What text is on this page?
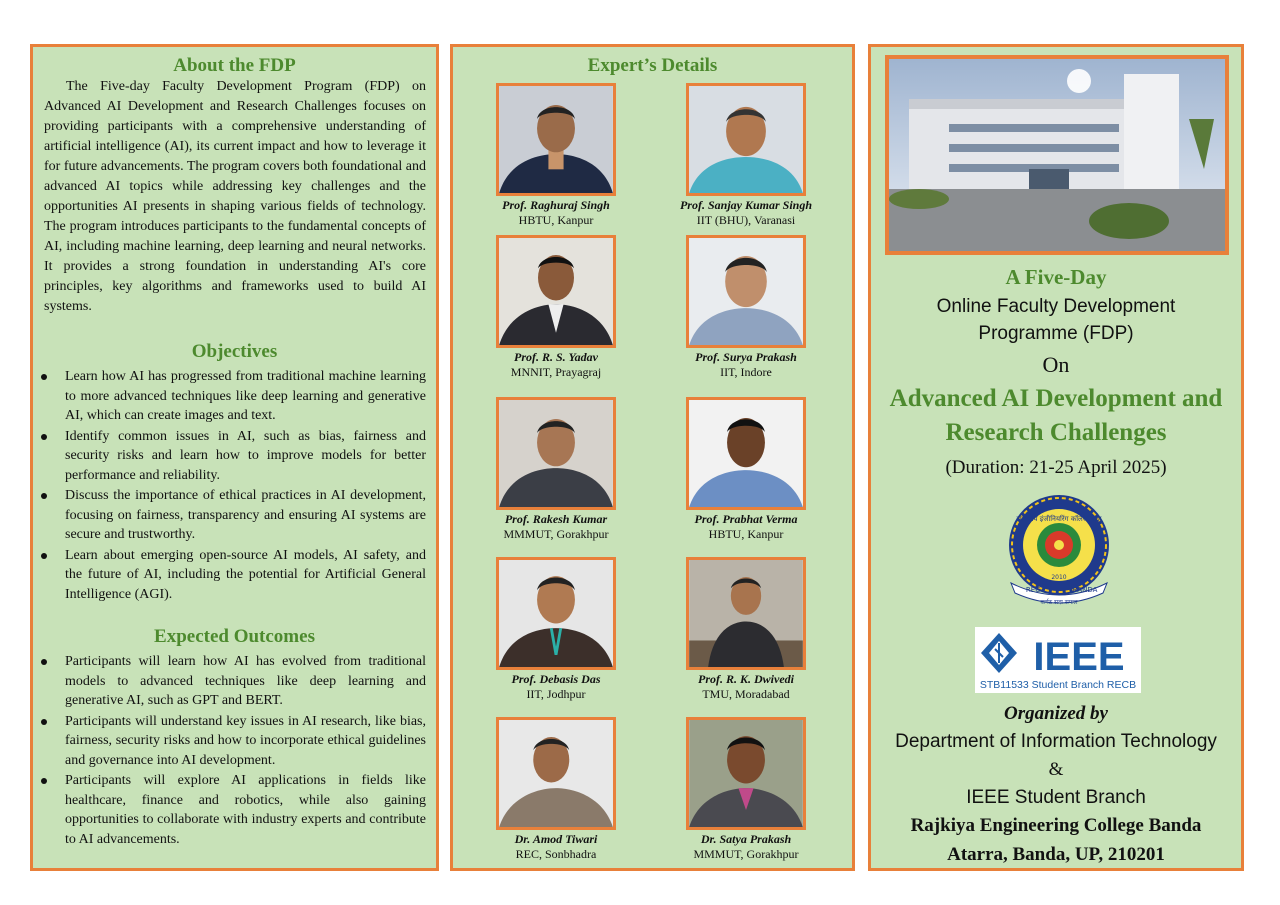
About the FDP
The Five-day Faculty Development Program (FDP) on Advanced AI Development and Research Challenges focuses on providing participants with a comprehensive understanding of artificial intelligence (AI), its current impact and how to leverage it for future advancements. The program covers both foundational and advanced AI topics while addressing key challenges and the opportunities AI presents in shaping various fields of technology. The program introduces participants to the fundamental concepts of AI, including machine learning, deep learning and neural networks. It provides a strong foundation in understanding AI's core principles, key algorithms and frameworks used to build AI systems.
Objectives
Learn how AI has progressed from traditional machine learning to more advanced techniques like deep learning and generative AI, which can create images and text.
Identify common issues in AI, such as bias, fairness and security risks and learn how to improve models for better performance and reliability.
Discuss the importance of ethical practices in AI development, focusing on fairness, transparency and ensuring AI systems are secure and trustworthy.
Learn about emerging open-source AI models, AI safety, and the future of AI, including the potential for Artificial General Intelligence (AGI).
Expected Outcomes
Participants will learn how AI has evolved from traditional models to advanced techniques like deep learning and generative AI, such as GPT and BERT.
Participants will understand key issues in AI research, like bias, fairness, security risks and how to incorporate ethical guidelines and governance into AI development.
Participants will explore AI applications in fields like healthcare, finance and robotics, while also gaining opportunities to collaborate with industry experts and contribute to AI advancements.
Expert’s Details
Prof. Raghuraj Singh
HBTU, Kanpur
Prof. Sanjay Kumar Singh
IIT (BHU), Varanasi
Prof. R. S. Yadav
MNNIT, Prayagraj
Prof. Surya Prakash
IIT, Indore
Prof. Rakesh Kumar
MMMUT, Gorakhpur
Prof. Prabhat Verma
HBTU, Kanpur
Prof. Debasis Das
IIT, Jodhpur
Prof. R. K. Dwivedi
TMU, Moradabad
Dr. Amod Tiwari
REC, Sonbhadra
Dr. Satya Prakash
MMMUT, Gorakhpur
A Five-Day
Online Faculty Development
Programme (FDP)
On
Advanced AI Development and
Research Challenges
(Duration: 21-25 April 2025)
राजकीय इंजीनियरिंग कॉलेज बांदा
2010
REC	BANDA
कर्मठ सदा सफल
IEEE
STB11533 Student Branch RECB
Organized by
Department of Information Technology
&
IEEE Student Branch
Rajkiya Engineering College Banda
Atarra, Banda, UP, 210201
